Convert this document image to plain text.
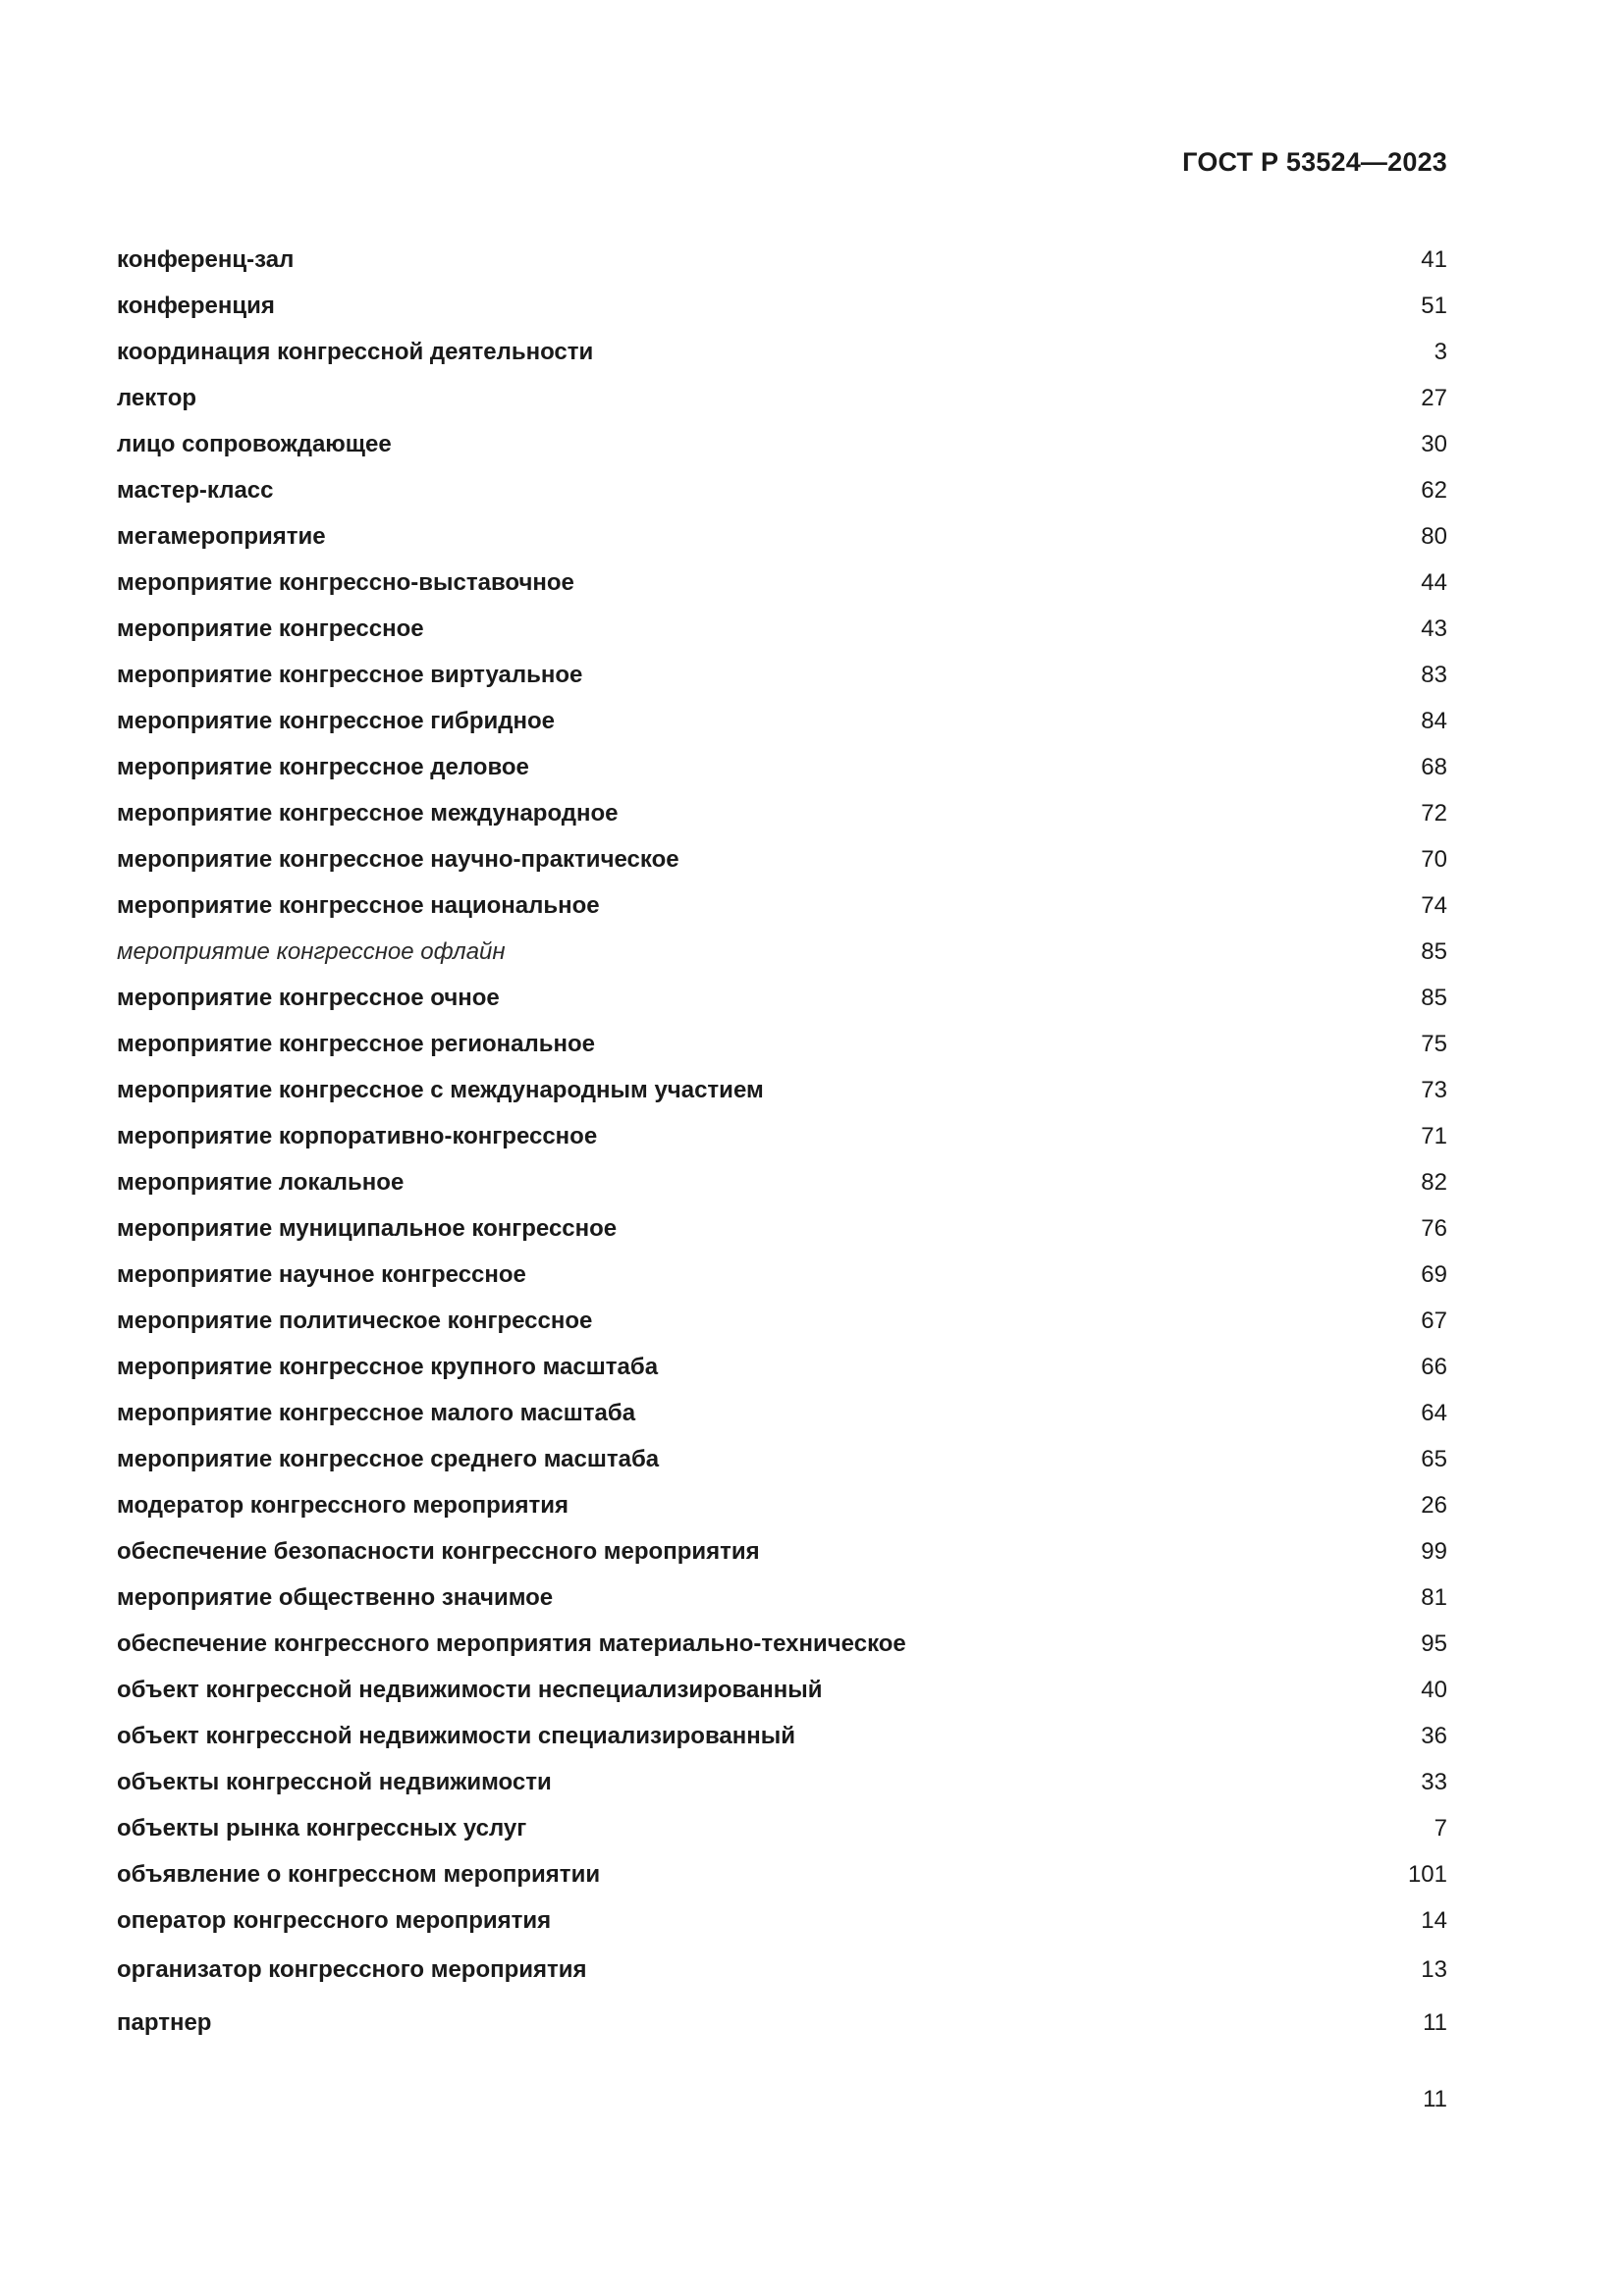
ГОСТ Р 53524—2023
конференц-зал	41
конференция	51
координация конгрессной деятельности	3
лектор	27
лицо сопровождающее	30
мастер-класс	62
мегамероприятие	80
мероприятие конгрессно-выставочное	44
мероприятие конгрессное	43
мероприятие конгрессное виртуальное	83
мероприятие конгрессное гибридное	84
мероприятие конгрессное деловое	68
мероприятие конгрессное международное	72
мероприятие конгрессное научно-практическое	70
мероприятие конгрессное национальное	74
мероприятие конгрессное офлайн	85
мероприятие конгрессное очное	85
мероприятие конгрессное региональное	75
мероприятие конгрессное с международным участием	73
мероприятие корпоративно-конгрессное	71
мероприятие локальное	82
мероприятие муниципальное конгрессное	76
мероприятие научное конгрессное	69
мероприятие политическое конгрессное	67
мероприятие конгрессное крупного масштаба	66
мероприятие конгрессное малого масштаба	64
мероприятие конгрессное среднего масштаба	65
модератор конгрессного мероприятия	26
обеспечение безопасности конгрессного мероприятия	99
мероприятие общественно значимое	81
обеспечение конгрессного мероприятия материально-техническое	95
объект конгрессной недвижимости неспециализированный	40
объект конгрессной недвижимости специализированный	36
объекты конгрессной недвижимости	33
объекты рынка конгрессных услуг	7
объявление о конгрессном мероприятии	101
оператор конгрессного мероприятия	14
организатор конгрессного мероприятия	13
партнер	11
11
